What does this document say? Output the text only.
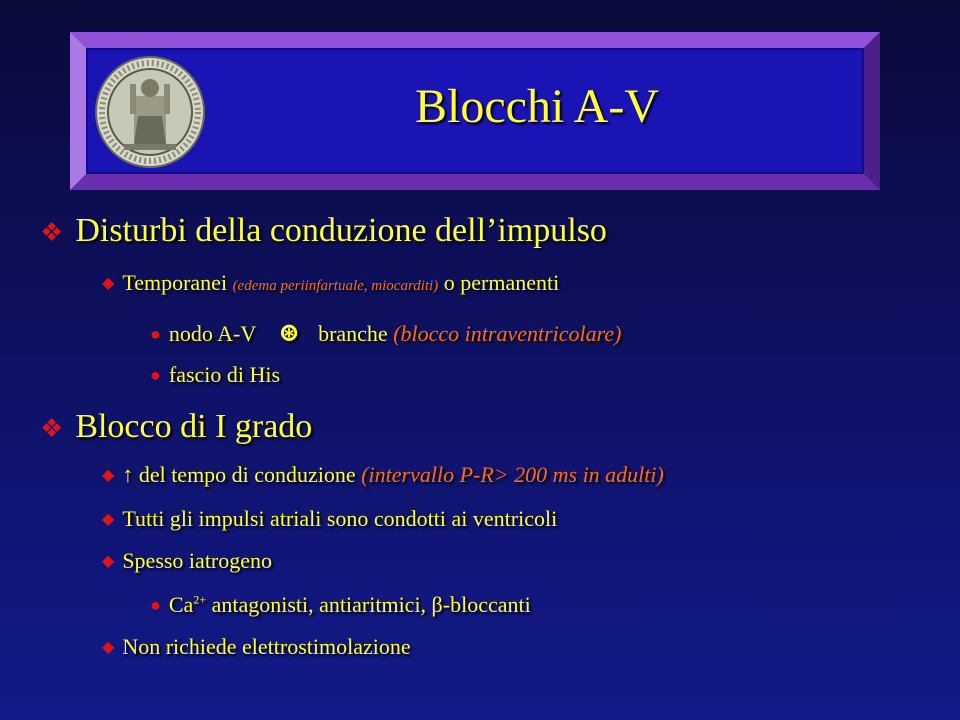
Blocchi A-V
❖ Disturbi della conduzione dell’impulso
◆ Temporanei (edema periinfartuale, miocarditi) o permanenti
● nodo A-V ⊛ branche (blocco intraventricolare)
● fascio di His
❖ Blocco di I grado
◆ ↑ del tempo di conduzione (intervallo P-R> 200 ms in adulti)
◆ Tutti gli impulsi atriali sono condotti ai ventricoli
◆ Spesso iatrogeno
● $Ca^{2+}$ antagonisti, antiaritmici, β-bloccanti
◆ Non richiede elettrostimolazione
